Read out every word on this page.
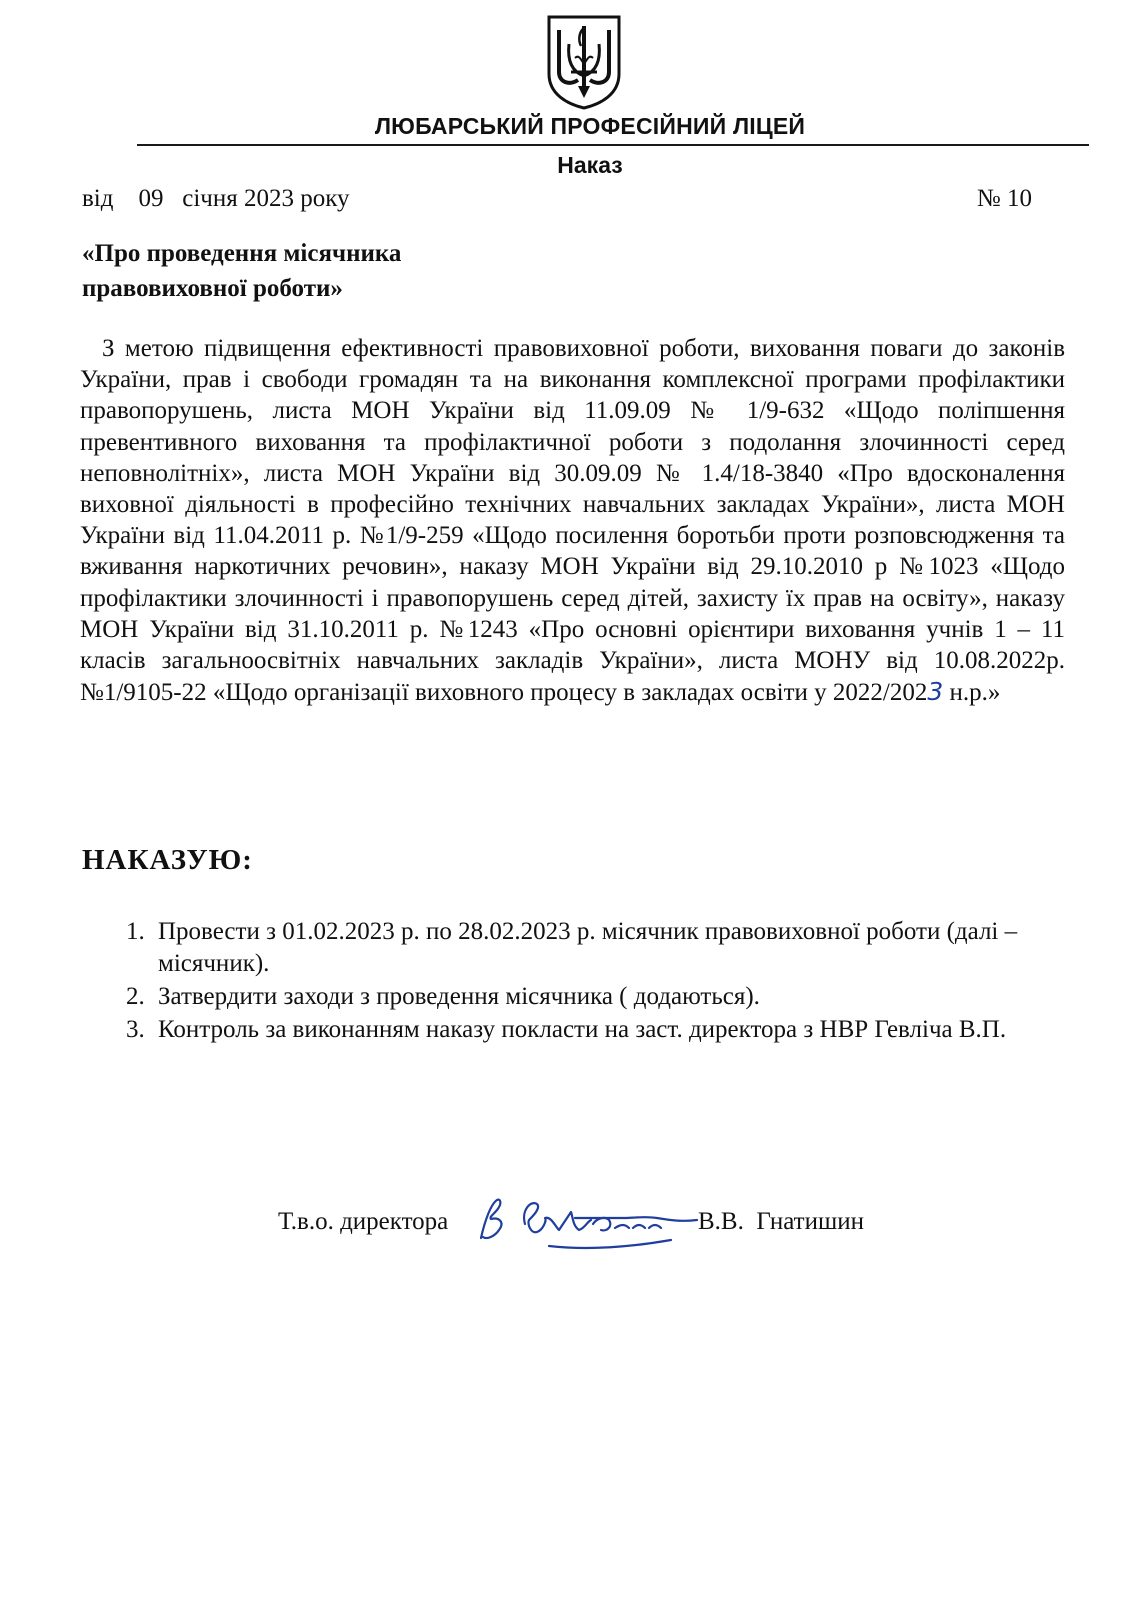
ЛЮБАРСЬКИЙ ПРОФЕСІЙНИЙ ЛІЦЕЙ

Наказ

від    09   січня 2023 року	№ 10

«Про проведення місячника
правовиховної роботи»

З метою підвищення ефективності правовиховної роботи, виховання поваги до законів України, прав і свободи громадян та на виконання комплексної програми профілактики правопорушень, листа МОН України від 11.09.09 № 1/9-632 «Щодо поліпшення превентивного виховання та профілактичної роботи з подолання злочинності серед неповнолітніх», листа МОН України від 30.09.09 № 1.4/18-3840 «Про вдосконалення виховної діяльності в професійно технічних навчальних закладах України», листа МОН України від 11.04.2011 р. №1/9-259 «Щодо посилення боротьби проти розповсюдження та вживання наркотичних речовин», наказу МОН України від 29.10.2010 р №1023 «Щодо профілактики злочинності і правопорушень серед дітей, захисту їх прав на освіту», наказу МОН України від 31.10.2011 р. №1243 «Про основні орієнтири виховання учнів 1 – 11 класів загальноосвітніх навчальних закладів України», листа МОНУ від 10.08.2022р. №1/9105-22 «Щодо організації виховного процесу в закладах освіти у 2022/2023 н.р.»

НАКАЗУЮ:

1. Провести з 01.02.2023 р. по 28.02.2023 р. місячник правовиховної роботи (далі – місячник).
2. Затвердити заходи з проведення місячника ( додаються).
3. Контроль за виконанням наказу покласти на заст. директора з НВР Гевліча В.П.
Т.в.о. директора	В.В.  Гнатишин
